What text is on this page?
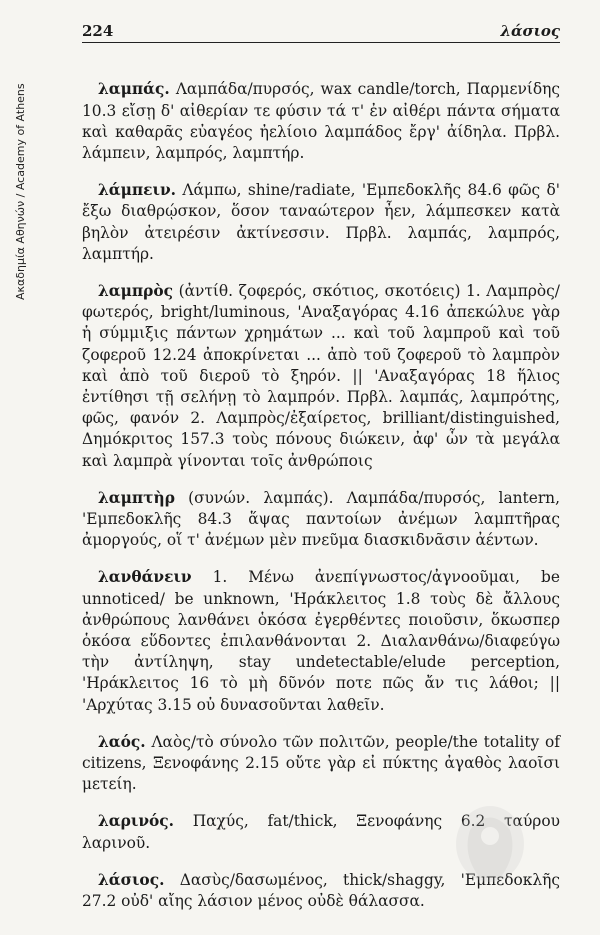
Ακαδημία Αθηνών / Academy of Athens
224	λάσιος

λαμπάς. Λαμπάδα/πυρσός, wax candle/torch, Παρμενίδης 10.3 εἴσῃ δ' αἰθερίαν τε φύσιν τά τ' ἐν αἰθέρι πάντα σήματα καὶ καθαρᾶς εὐαγέος ἠελίοιο λαμπάδος ἔργ' ἀίδηλα. Πρβλ. λάμπειν, λαμπρός, λαμπτήρ.

λάμπειν. Λάμπω, shine/radiate, 'Εμπεδοκλῆς 84.6 φῶς δ' ἔξω διαθρῴσκον, ὅσον ταναώτερον ἦεν, λάμπεσκεν κατὰ βηλὸν ἀτειρέσιν ἀκτίνεσσιν. Πρβλ. λαμπάς, λαμπρός, λαμπτήρ.

λαμπρὸς (ἀντίθ. ζοφερός, σκότιος, σκοτόεις) 1. Λαμπρὸς/φωτερός, bright/luminous, 'Αναξαγόρας 4.16 ἀπεκώλυε γὰρ ἡ σύμμιξις πάντων χρημάτων ... καὶ τοῦ λαμπροῦ καὶ τοῦ ζοφεροῦ 12.24 ἀποκρίνεται ... ἀπὸ τοῦ ζοφεροῦ τὸ λαμπρὸν καὶ ἀπὸ τοῦ διεροῦ τὸ ξηρόν. || 'Αναξαγόρας 18 ἥλιος ἐντίθησι τῇ σελήνῃ τὸ λαμπρόν. Πρβλ. λαμπάς, λαμπρότης, φῶς, φανόν 2. Λαμπρὸς/ἐξαίρετος, brilliant/distinguished, Δημόκριτος 157.3 τοὺς πόνους διώκειν, ἀφ' ὧν τὰ μεγάλα καὶ λαμπρὰ γίνονται τοῖς ἀνθρώποις

λαμπτὴρ (συνών. λαμπάς). Λαμπάδα/πυρσός, lantern, 'Εμπεδοκλῆς 84.3 ἅψας παντοίων ἀνέμων λαμπτῆρας ἀμοργούς, οἵ τ' ἀνέμων μὲν πνεῦμα διασκιδνᾶσιν ἀέντων.

λανθάνειν 1. Μένω ἀνεπίγνωστος/ἀγνοοῦμαι, be unnoticed/ be unknown, 'Ηράκλειτος 1.8 τοὺς δὲ ἄλλους ἀνθρώπους λανθάνει ὁκόσα ἐγερθέντες ποιοῦσιν, ὅκωσπερ ὁκόσα εὕδοντες ἐπιλανθάνονται 2. Διαλανθάνω/διαφεύγω τὴν ἀντίληψη, stay undetectable/elude perception, 'Ηράκλειτος 16 τὸ μὴ δῦνόν ποτε πῶς ἄν τις λάθοι; || 'Αρχύτας 3.15 οὐ δυνασοῦνται λαθεῖν.

λαός. Λαὸς/τὸ σύνολο τῶν πολιτῶν, people/the totality of citizens, Ξενοφάνης 2.15 οὔτε γὰρ εἰ πύκτης ἀγαθὸς λαοῖσι μετείη.

λαρινός. Παχύς, fat/thick, Ξενοφάνης 6.2 ταύρου λαρινοῦ.

λάσιος. Δασὺς/δασωμένος, thick/shaggy, 'Εμπεδοκλῆς 27.2 οὐδ' αἴης λάσιον μένος οὐδὲ θάλασσα.
